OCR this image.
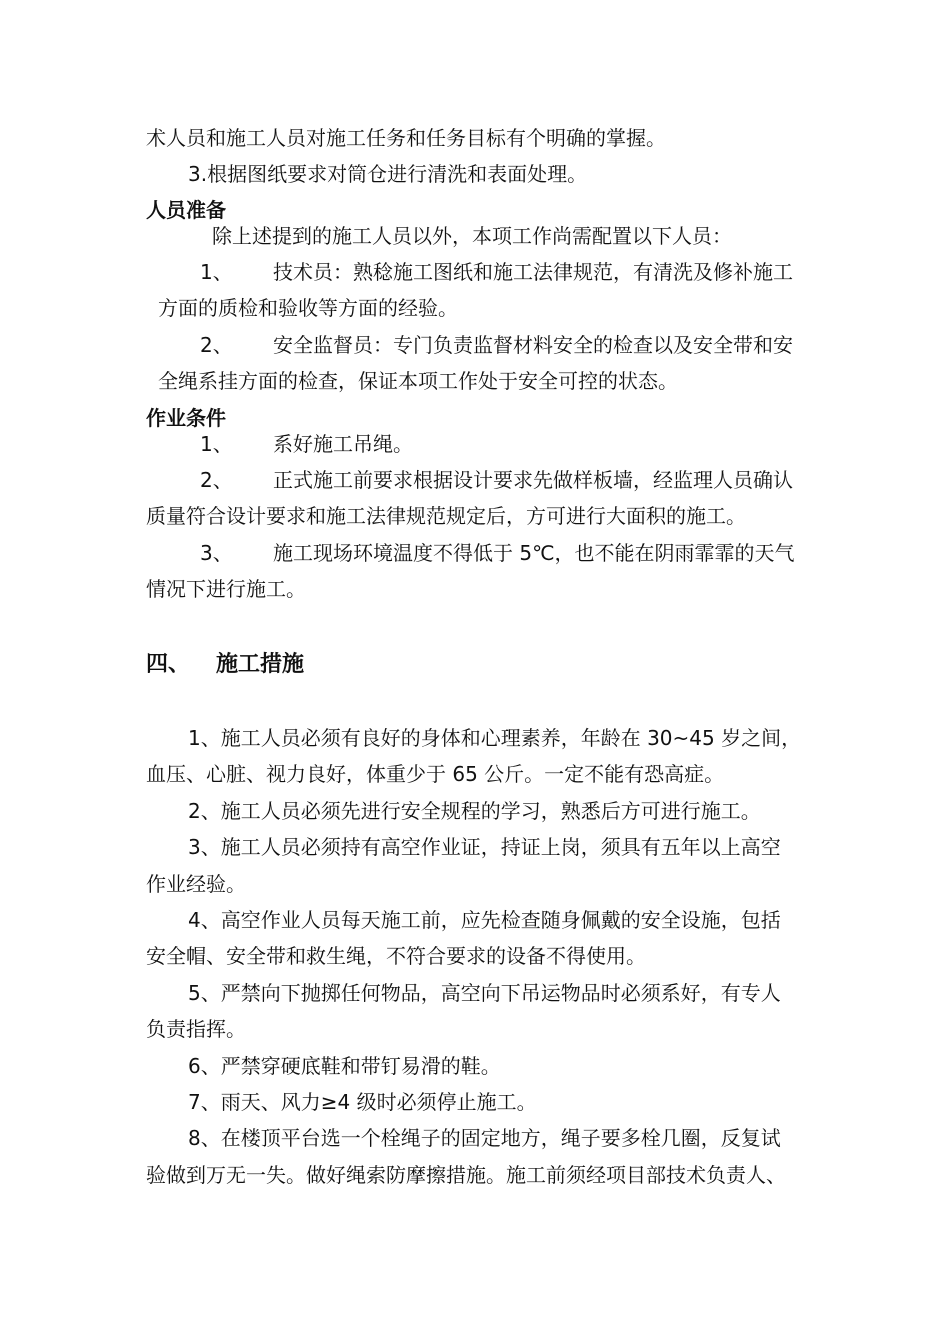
术人员和施工人员对施工任务和任务目标有个明确的掌握。
3.根据图纸要求对筒仓进行清洗和表面处理。
人员准备
除上述提到的施工人员以外，本项工作尚需配置以下人员：
1、 技术员：熟稔施工图纸和施工法律规范，有清洗及修补施工
方面的质检和验收等方面的经验。
2、 安全监督员：专门负责监督材料安全的检查以及安全带和安
全绳系挂方面的检查，保证本项工作处于安全可控的状态。
作业条件
1、 系好施工吊绳。
2、 正式施工前要求根据设计要求先做样板墙，经监理人员确认
质量符合设计要求和施工法律规范规定后，方可进行大面积的施工。
3、 施工现场环境温度不得低于 5℃，也不能在阴雨霏霏的天气
情况下进行施工。
四、 施工措施
1、施工人员必须有良好的身体和心理素养，年龄在 30~45 岁之间，
血压、心脏、视力良好，体重少于 65 公斤。一定不能有恐高症。
2、施工人员必须先进行安全规程的学习，熟悉后方可进行施工。
3、施工人员必须持有高空作业证，持证上岗，须具有五年以上高空
作业经验。
4、高空作业人员每天施工前，应先检查随身佩戴的安全设施，包括
安全帽、安全带和救生绳，不符合要求的设备不得使用。
5、严禁向下抛掷任何物品，高空向下吊运物品时必须系好，有专人
负责指挥。
6、严禁穿硬底鞋和带钉易滑的鞋。
7、雨天、风力≥4 级时必须停止施工。
8、在楼顶平台选一个栓绳子的固定地方，绳子要多栓几圈，反复试
验做到万无一失。做好绳索防摩擦措施。施工前须经项目部技术负责人、
